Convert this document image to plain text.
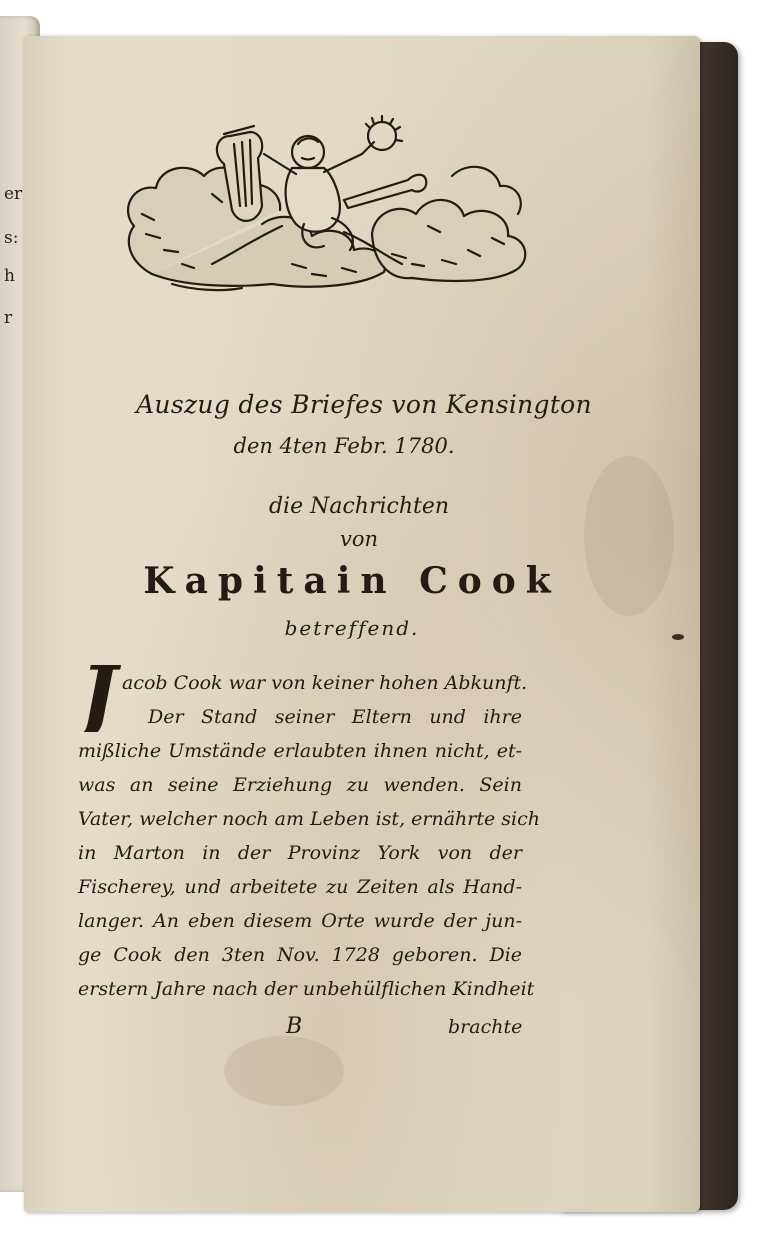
er
s:
h
r
Auszug des Briefes von Kensington
den 4ten Febr. 1780.
die Nachrichten
von
Kapitain Cook
betreffend.
J acob Cook war von keiner hohen Abkunft.
Der Stand seiner Eltern und ihre
mißliche Umstände erlaubten ihnen nicht, et-
was an seine Erziehung zu wenden. Sein
Vater, welcher noch am Leben ist, ernährte sich
in Marton in der Provinz York von der
Fischerey, und arbeitete zu Zeiten als Hand-
langer. An eben diesem Orte wurde der jun-
ge Cook den 3ten Nov. 1728 geboren. Die
erstern Jahre nach der unbehülflichen Kindheit
B	brachte
